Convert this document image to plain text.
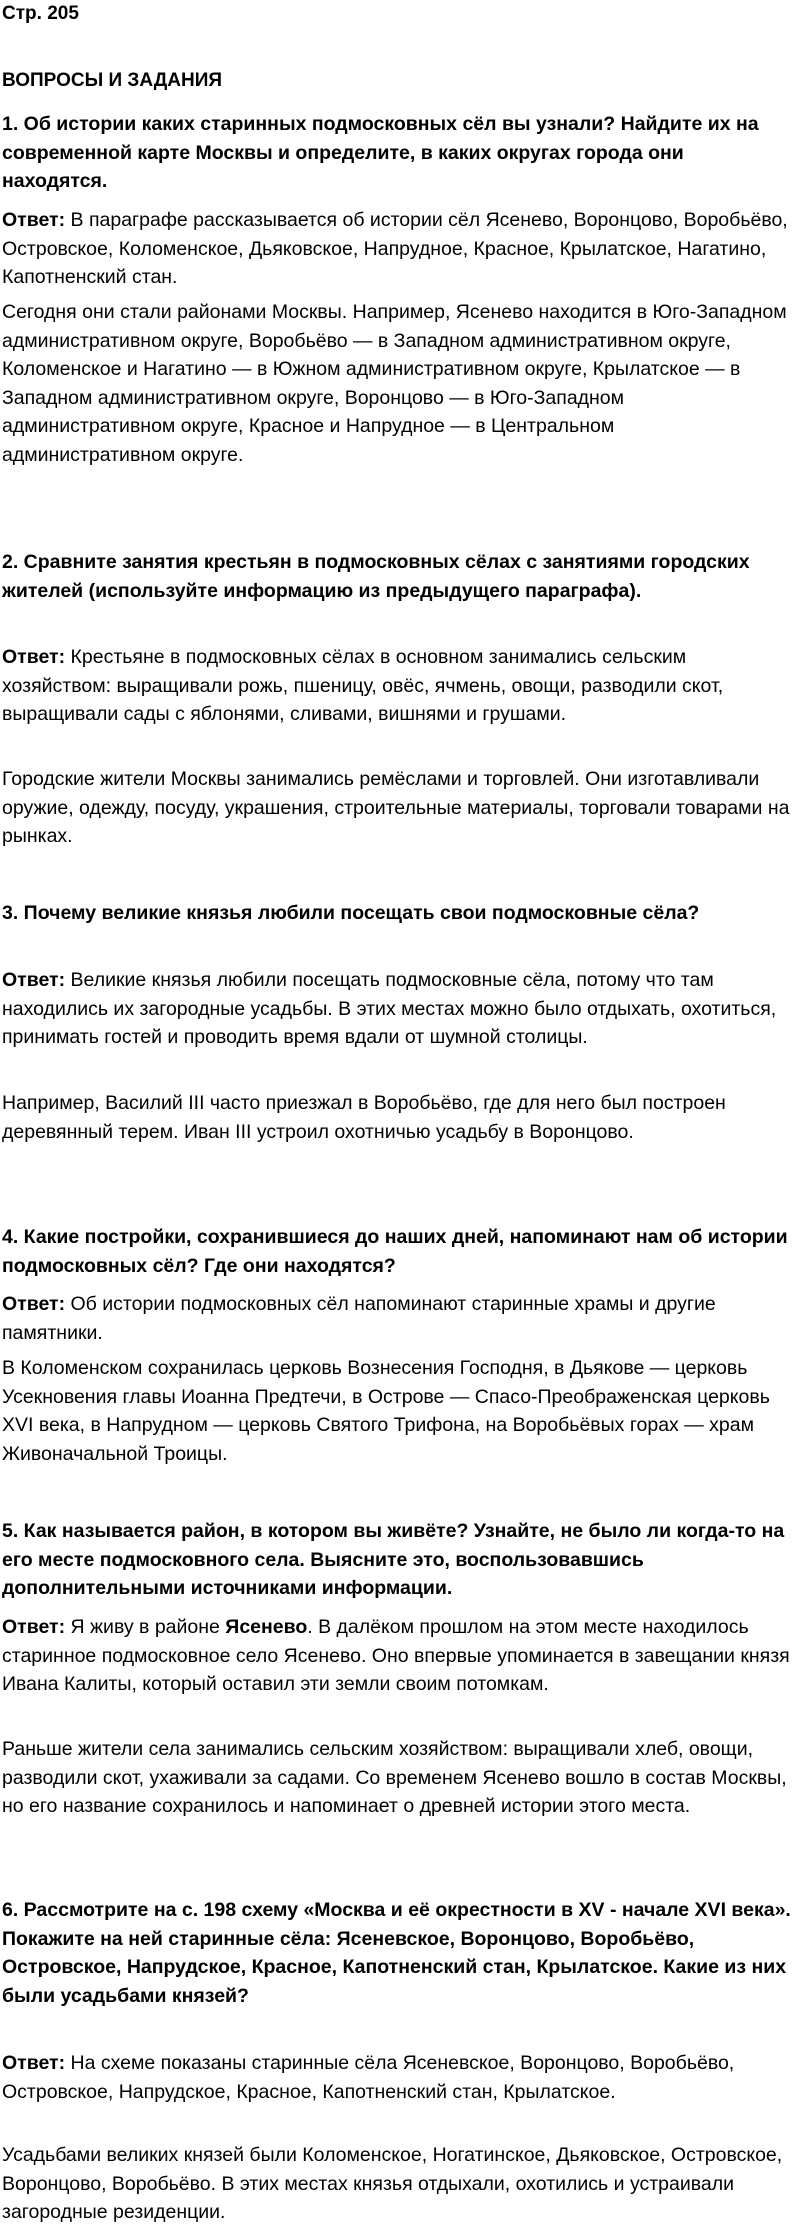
Стр. 205
ВОПРОСЫ И ЗАДАНИЯ
1. Об истории каких старинных подмосковных сёл вы узнали? Найдите их на современной карте Москвы и определите, в каких округах города они находятся.
Ответ: В параграфе рассказывается об истории сёл Ясенево, Воронцово, Воробьёво, Островское, Коломенское, Дьяковское, Напрудное, Красное, Крылатское, Нагатино, Капотненский стан.
Сегодня они стали районами Москвы. Например, Ясенево находится в Юго-Западном административном округе, Воробьёво — в Западном административном округе, Коломенское и Нагатино — в Южном административном округе, Крылатское — в Западном административном округе, Воронцово — в Юго-Западном административном округе, Красное и Напрудное — в Центральном административном округе.
2. Сравните занятия крестьян в подмосковных сёлах с занятиями городских жителей (используйте информацию из предыдущего параграфа).
Ответ: Крестьяне в подмосковных сёлах в основном занимались сельским хозяйством: выращивали рожь, пшеницу, овёс, ячмень, овощи, разводили скот, выращивали сады с яблонями, сливами, вишнями и грушами.
Городские жители Москвы занимались ремёслами и торговлей. Они изготавливали оружие, одежду, посуду, украшения, строительные материалы, торговали товарами на рынках.
3. Почему великие князья любили посещать свои подмосковные сёла?
Ответ: Великие князья любили посещать подмосковные сёла, потому что там находились их загородные усадьбы. В этих местах можно было отдыхать, охотиться, принимать гостей и проводить время вдали от шумной столицы.
Например, Василий III часто приезжал в Воробьёво, где для него был построен деревянный терем. Иван III устроил охотничью усадьбу в Воронцово.
4. Какие постройки, сохранившиеся до наших дней, напоминают нам об истории подмосковных сёл? Где они находятся?
Ответ: Об истории подмосковных сёл напоминают старинные храмы и другие памятники.
В Коломенском сохранилась церковь Вознесения Господня, в Дьякове — церковь Усекновения главы Иоанна Предтечи, в Острове — Спасо-Преображенская церковь XVI века, в Напрудном — церковь Святого Трифона, на Воробьёвых горах — храм Живоначальной Троицы.
5. Как называется район, в котором вы живёте? Узнайте, не было ли когда-то на его месте подмосковного села. Выясните это, воспользовавшись дополнительными источниками информации.
Ответ: Я живу в районе Ясенево. В далёком прошлом на этом месте находилось старинное подмосковное село Ясенево. Оно впервые упоминается в завещании князя Ивана Калиты, который оставил эти земли своим потомкам.
Раньше жители села занимались сельским хозяйством: выращивали хлеб, овощи, разводили скот, ухаживали за садами. Со временем Ясенево вошло в состав Москвы, но его название сохранилось и напоминает о древней истории этого места.
6. Рассмотрите на с. 198 схему «Москва и её окрестности в XV - начале XVI века». Покажите на ней старинные сёла: Ясеневское, Воронцово, Воробьёво, Островское, Напрудское, Красное, Капотненский стан, Крылатское. Какие из них были усадьбами князей?
Ответ: На схеме показаны старинные сёла Ясеневское, Воронцово, Воробьёво, Островское, Напрудское, Красное, Капотненский стан, Крылатское.
Усадьбами великих князей были Коломенское, Ногатинское, Дьяковское, Островское, Воронцово, Воробьёво. В этих местах князья отдыхали, охотились и устраивали загородные резиденции.
